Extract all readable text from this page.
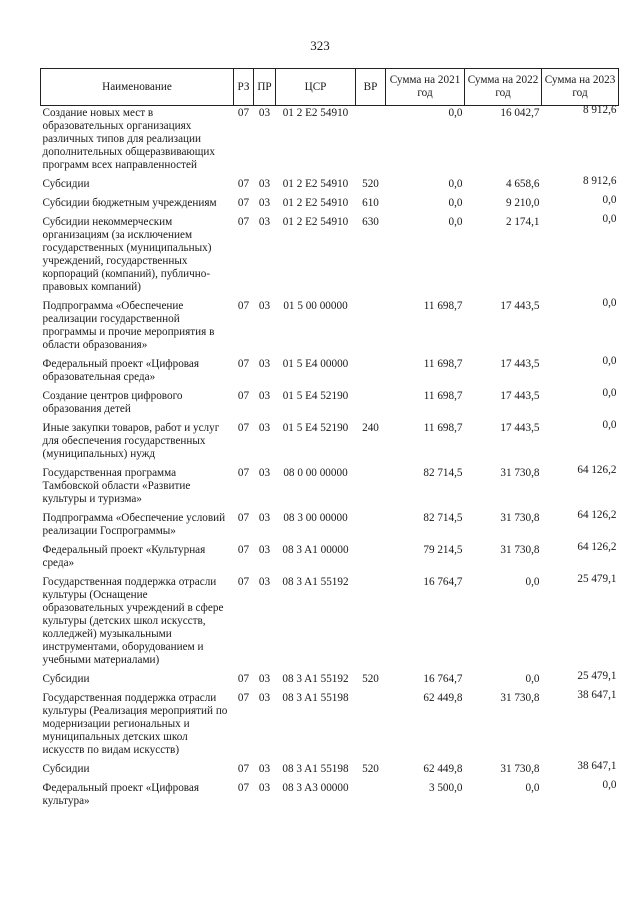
323
Наименование	РЗ	ПР	ЦСР	ВР	Сумма на 2021 год	Сумма на 2022 год	Сумма на 2023 год
Создание новых мест в образовательных организациях различных типов для реализации дополнительных общеразвивающих программ всех направленностей	07	03	01 2 E2 54910		0,0	16 042,7	8 912,6
Субсидии	07	03	01 2 E2 54910	520	0,0	4 658,6	8 912,6
Субсидии бюджетным учреждениям	07	03	01 2 E2 54910	610	0,0	9 210,0	0,0
Субсидии некоммерческим организациям (за исключением государственных (муниципальных) учреждений, государственных корпораций (компаний), публично-правовых компаний)	07	03	01 2 E2 54910	630	0,0	2 174,1	0,0
Подпрограмма «Обеспечение реализации государственной программы и прочие мероприятия в области образования»	07	03	01 5 00 00000		11 698,7	17 443,5	0,0
Федеральный проект «Цифровая образовательная среда»	07	03	01 5 E4 00000		11 698,7	17 443,5	0,0
Создание центров цифрового образования детей	07	03	01 5 E4 52190		11 698,7	17 443,5	0,0
Иные закупки товаров, работ и услуг для обеспечения государственных (муниципальных) нужд	07	03	01 5 E4 52190	240	11 698,7	17 443,5	0,0
Государственная программа Тамбовской области «Развитие культуры и туризма»	07	03	08 0 00 00000		82 714,5	31 730,8	64 126,2
Подпрограмма «Обеспечение условий реализации Госпрограммы»	07	03	08 3 00 00000		82 714,5	31 730,8	64 126,2
Федеральный проект «Культурная среда»	07	03	08 3 A1 00000		79 214,5	31 730,8	64 126,2
Государственная поддержка отрасли культуры (Оснащение образовательных учреждений в сфере культуры (детских школ искусств, колледжей) музыкальными инструментами, оборудованием и учебными материалами)	07	03	08 3 A1 55192		16 764,7	0,0	25 479,1
Субсидии	07	03	08 3 A1 55192	520	16 764,7	0,0	25 479,1
Государственная поддержка отрасли культуры (Реализация мероприятий по модернизации региональных и муниципальных детских школ искусств по видам искусств)	07	03	08 3 A1 55198		62 449,8	31 730,8	38 647,1
Субсидии	07	03	08 3 A1 55198	520	62 449,8	31 730,8	38 647,1
Федеральный проект «Цифровая культура»	07	03	08 3 A3 00000		3 500,0	0,0	0,0
